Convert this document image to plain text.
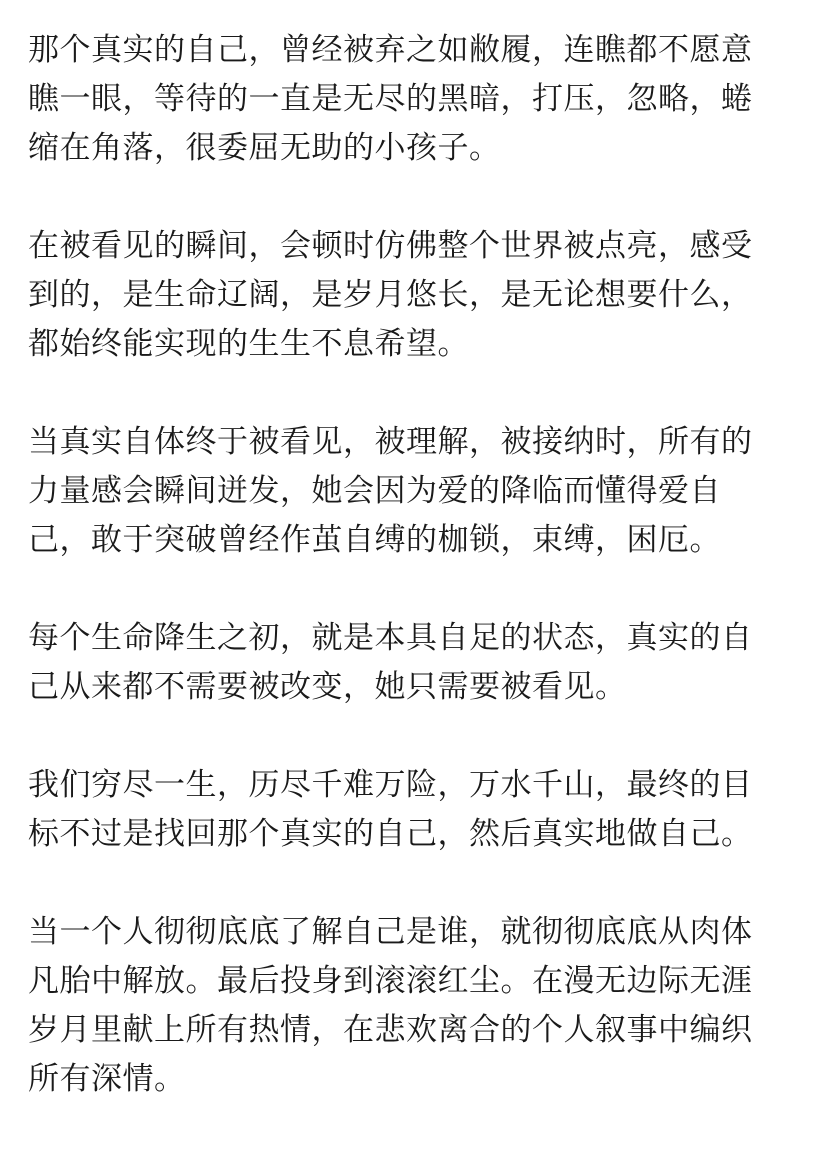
那个真实的自己，曾经被弃之如敝履，连瞧都不愿意
瞧一眼，等待的一直是无尽的黑暗，打压，忽略，蜷
缩在角落，很委屈无助的小孩子。

在被看见的瞬间，会顿时仿佛整个世界被点亮，感受
到的，是生命辽阔，是岁月悠长，是无论想要什么，
都始终能实现的生生不息希望。

当真实自体终于被看见，被理解，被接纳时，所有的
力量感会瞬间迸发，她会因为爱的降临而懂得爱自
己，敢于突破曾经作茧自缚的枷锁，束缚，困厄。

每个生命降生之初，就是本具自足的状态，真实的自
己从来都不需要被改变，她只需要被看见。

我们穷尽一生，历尽千难万险，万水千山，最终的目
标不过是找回那个真实的自己，然后真实地做自己。

当一个人彻彻底底了解自己是谁，就彻彻底底从肉体
凡胎中解放。最后投身到滚滚红尘。在漫无边际无涯
岁月里献上所有热情，在悲欢离合的个人叙事中编织
所有深情。
